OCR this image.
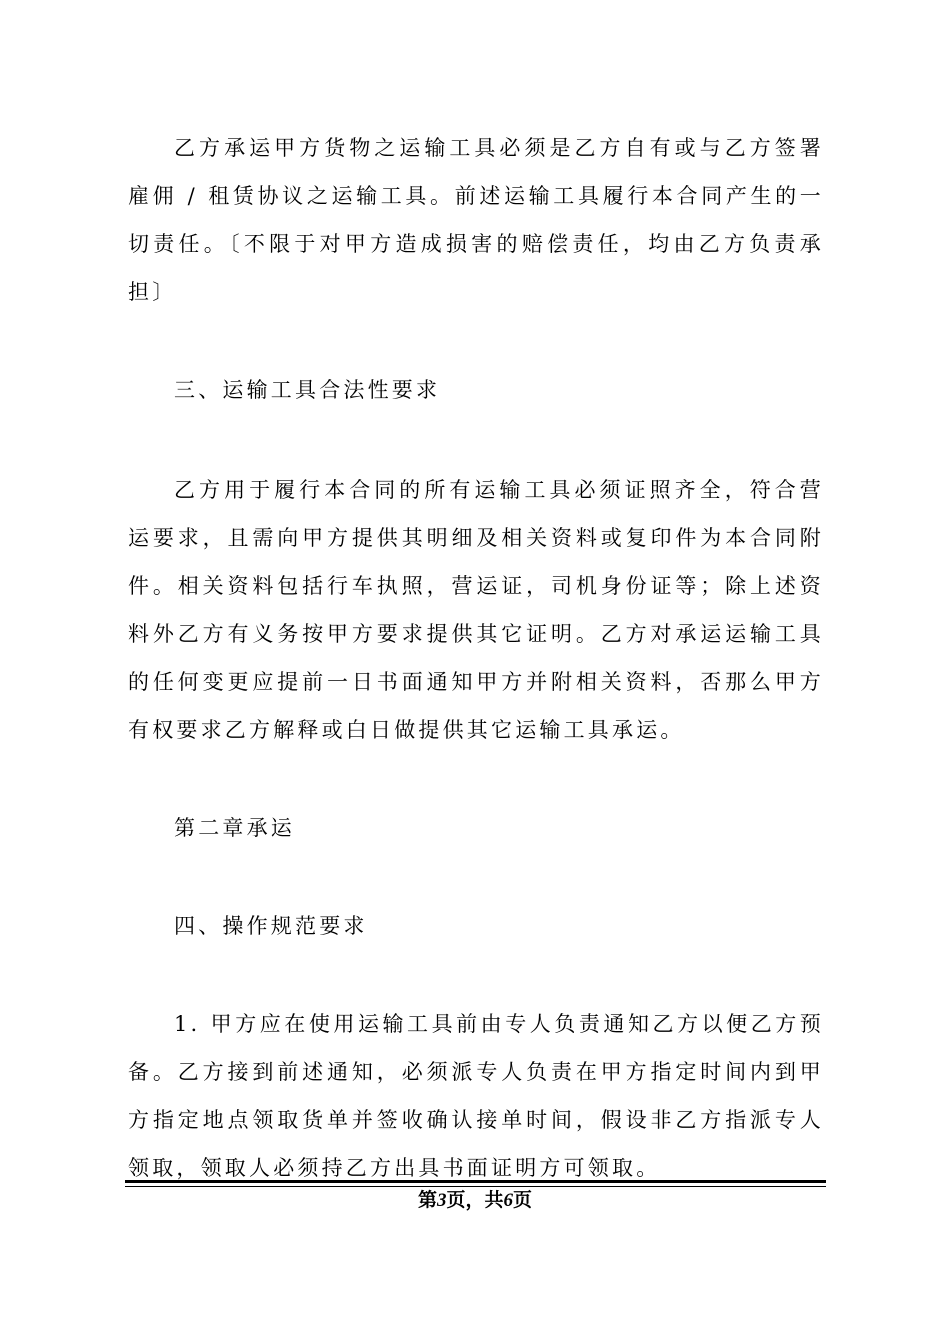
乙方承运甲方货物之运输工具必须是乙方自有或与乙方签署雇佣 / 租赁协议之运输工具。前述运输工具履行本合同产生的一切责任。〔不限于对甲方造成损害的赔偿责任，均由乙方负责承担〕

三、运输工具合法性要求

乙方用于履行本合同的所有运输工具必须证照齐全，符合营运要求，且需向甲方提供其明细及相关资料或复印件为本合同附件。相关资料包括行车执照，营运证，司机身份证等；除上述资料外乙方有义务按甲方要求提供其它证明。乙方对承运运输工具的任何变更应提前一日书面通知甲方并附相关资料，否那么甲方有权要求乙方解释或白日做提供其它运输工具承运。

第二章承运

四、操作规范要求

1. 甲方应在使用运输工具前由专人负责通知乙方以便乙方预备。乙方接到前述通知，必须派专人负责在甲方指定时间内到甲方指定地点领取货单并签收确认接单时间，假设非乙方指派专人领取，领取人必须持乙方出具书面证明方可领取。

第3页，共6页
